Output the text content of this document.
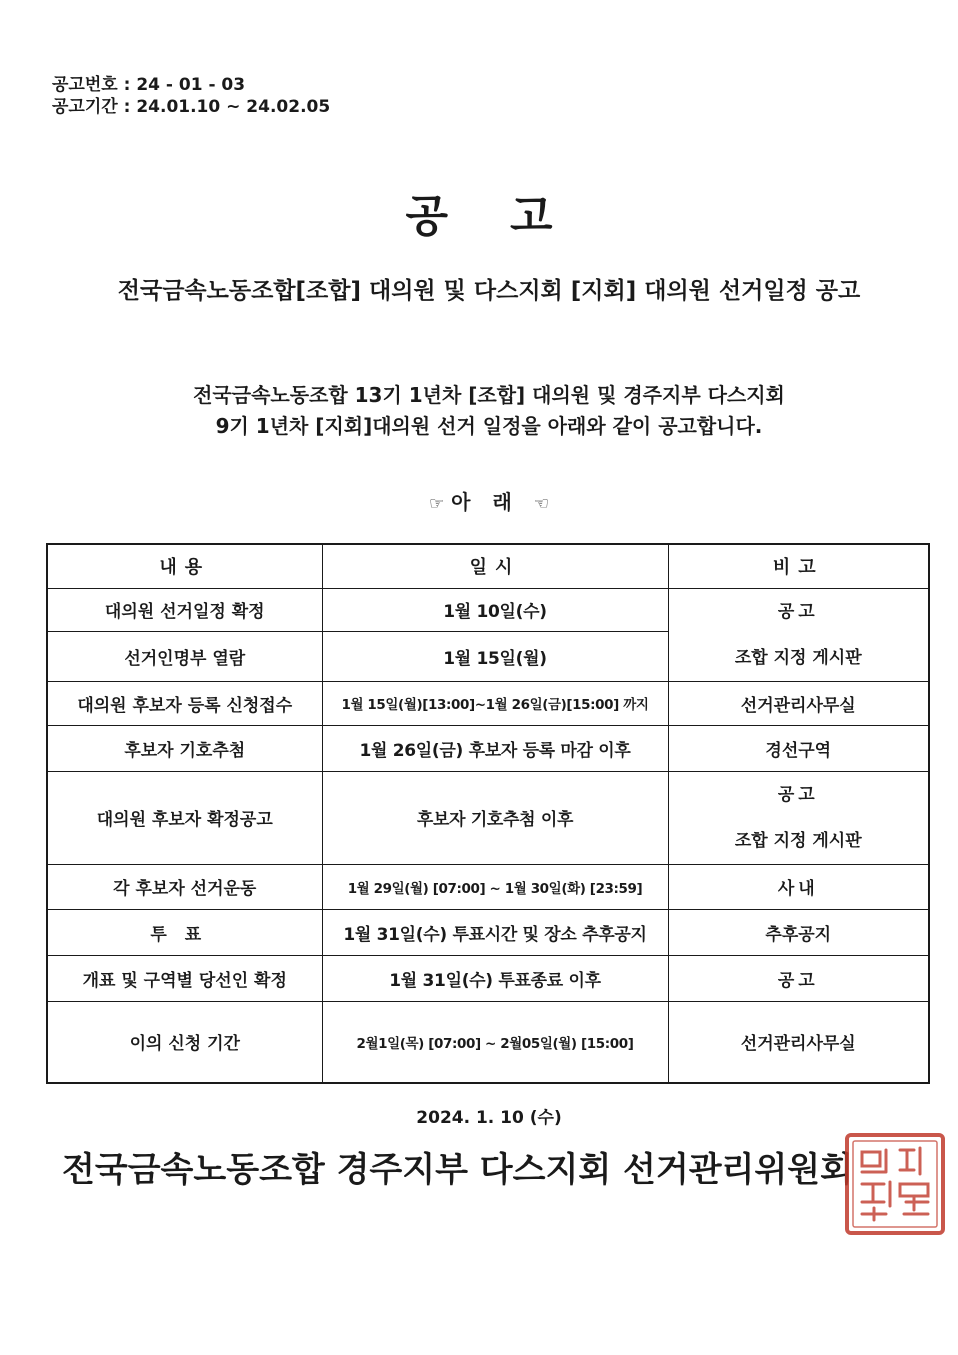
공고번호 : 24 - 01 - 03
공고기간 : 24.01.10 ~ 24.02.05
공고
전국금속노동조합[조합] 대의원 및 다스지회 [지회] 대의원 선거일정 공고
전국금속노동조합 13기 1년차 [조합] 대의원 및 경주지부 다스지회
9기 1년차 [지회]대의원 선거 일정을 아래와 같이 공고합니다.
☞ 아래☜
내용	일시	비고
대의원 선거일정 확정	1월 10일(수)	공고
조합 지정 게시판

선거인명부 열람	1월 15일(월)	
대의원 후보자 등록 신청접수	1월 15일(월)[13:00]~1월 26일(금)[15:00] 까지	선거관리사무실
후보자 기호추첨	1월 26일(금) 후보자 등록 마감 이후	경선구역
대의원 후보자 확정공고	후보자 기호추첨 이후	공고
조합 지정 게시판

각 후보자 선거운동	1월 29일(월) [07:00] ~ 1월 30일(화) [23:59]	사내
투표	1월 31일(수) 투표시간 및 장소 추후공지	추후공지
개표 및 구역별 당선인 확정	1월 31일(수) 투표종료 이후	공고
이의 신청 기간	2월1일(목) [07:00] ~ 2월05일(월) [15:00]	선거관리사무실
2024. 1. 10 (수)
전국금속노동조합 경주지부 다스지회 선거관리위원회
